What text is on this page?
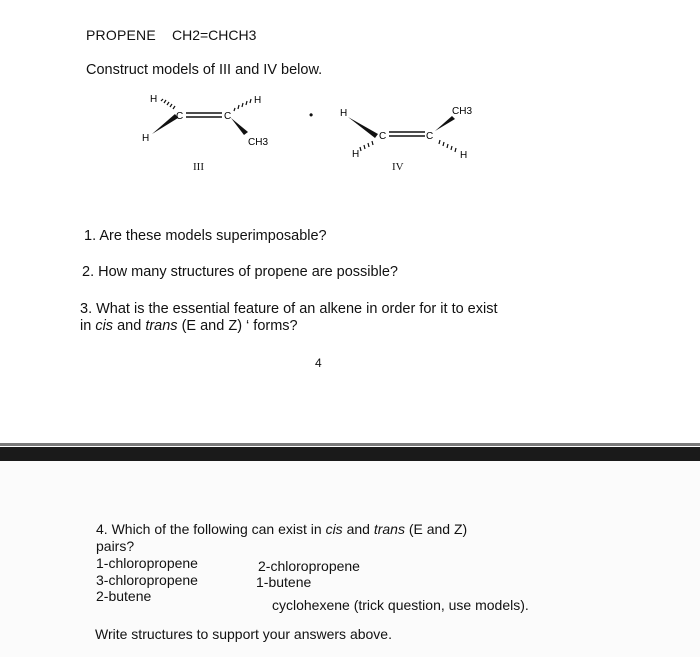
PROPENE CH2=CHCH3
Construct models of III and IV below.
H
C
H
C
H
CH3
III
•	H
C
H
C
CH3
H
IV
1. Are these models superimposable?
2. How many structures of propene are possible?
3. What is the essential feature of an alkene in order for it to exist
in cis and trans (E and Z) ‘ forms?
4
4. Which of the following can exist in cis and trans (E and Z)
pairs?
1-chloropropene	2-chloropropene
3-chloropropene	1-butene
2-butene
cyclohexene (trick question, use models).
Write structures to support your answers above.
